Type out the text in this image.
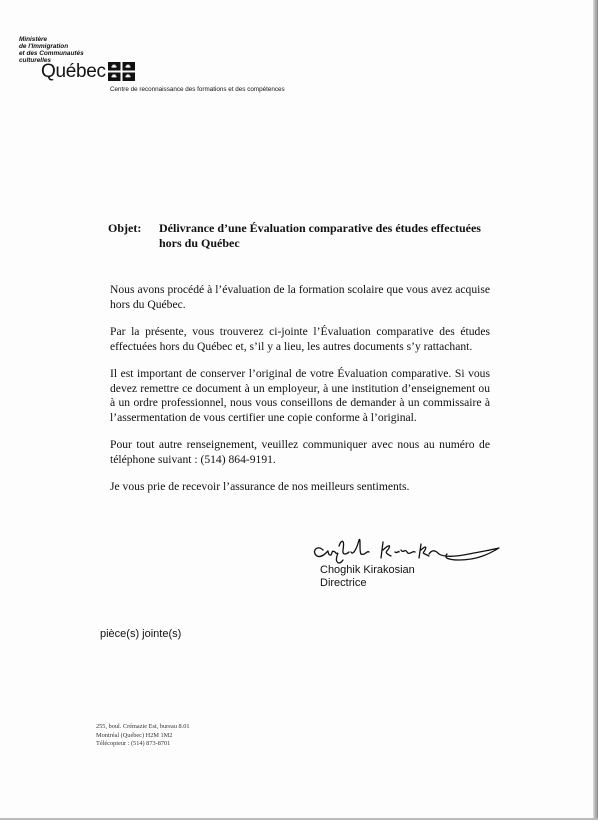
Ministère
de l'Immigration
et des Communautés
culturelles
Québec
Centre de reconnaissance des formations et des compétences
Objet: Délivrance d’une Évaluation comparative des études effectuées hors du Québec

Nous avons procédé à l’évaluation de la formation scolaire que vous avez acquise hors du Québec.

Par la présente, vous trouverez ci-jointe l’Évaluation comparative des études effectuées hors du Québec et, s’il y a lieu, les autres documents s’y rattachant.

Il est important de conserver l’original de votre Évaluation comparative. Si vous devez remettre ce document à un employeur, à une institution d’enseignement ou à un ordre professionnel, nous vous conseillons de demander à un commissaire à l’assermentation de vous certifier une copie conforme à l’original.

Pour tout autre renseignement, veuillez communiquer avec nous au numéro de téléphone suivant : (514) 864-9191.

Je vous prie de recevoir l’assurance de nos meilleurs sentiments.

Choghik Kirakosian
Directrice
pièce(s) jointe(s)
255, boul. Crémazie Est, bureau 8.01
Montréal (Québec) H2M 1M2
Télécopieur : (514) 873-8701
